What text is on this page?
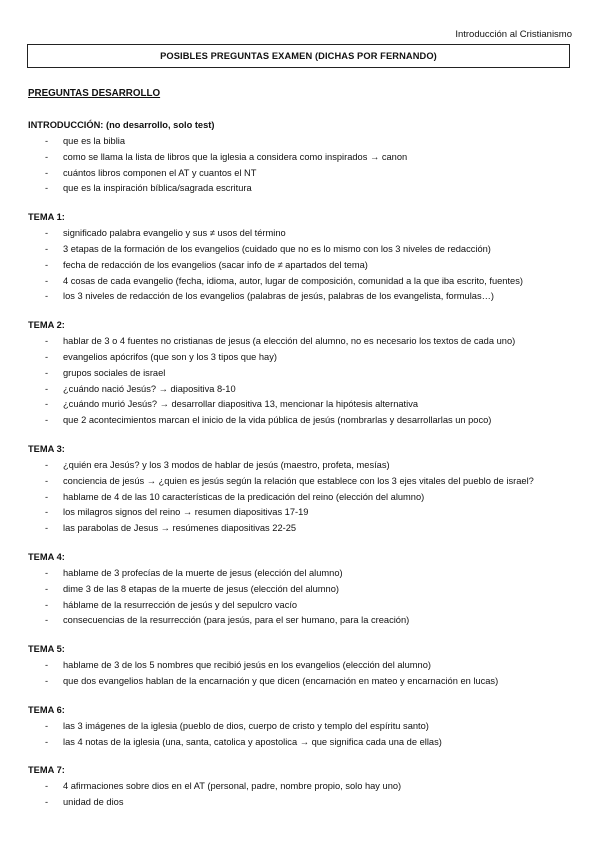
Introducción al Cristianismo
POSIBLES PREGUNTAS EXAMEN (DICHAS POR FERNANDO)
PREGUNTAS DESARROLLO
INTRODUCCIÓN: (no desarrollo, solo test)
- que es la biblia
- como se llama la lista de libros que la iglesia a considera como inspirados → canon
- cuántos libros componen el AT y cuantos el NT
- que es la inspiración bíblica/sagrada escritura
TEMA 1:
- significado palabra evangelio y sus ≠ usos del término
- 3 etapas de la formación de los evangelios (cuidado que no es lo mismo con los 3 niveles de redacción)
- fecha de redacción de los evangelios (sacar info de ≠ apartados del tema)
- 4 cosas de cada evangelio (fecha, idioma, autor, lugar de composición, comunidad a la que iba escrito, fuentes)
- los 3 niveles de redacción de los evangelios (palabras de jesús, palabras de los evangelista, formulas…)
TEMA 2:
- hablar de 3 o 4 fuentes no cristianas de jesus (a elección del alumno, no es necesario los textos de cada uno)
- evangelios apócrifos (que son y los 3 tipos que hay)
- grupos sociales de israel
- ¿cuándo nació Jesús? → diapositiva 8-10
- ¿cuándo murió Jesús? → desarrollar diapositiva 13, mencionar la hipótesis alternativa
- que 2 acontecimientos marcan el inicio de la vida pública de jesús (nombrarlas y desarrollarlas un poco)
TEMA 3:
- ¿quién era Jesús? y los 3 modos de hablar de jesús (maestro, profeta, mesías)
- conciencia de jesús → ¿quien es jesús según la relación que establece con los 3 ejes vitales del pueblo de israel?
- hablame de 4 de las 10 características de la predicación del reino (elección del alumno)
- los milagros signos del reino → resumen diapositivas 17-19
- las parabolas de Jesus → resúmenes diapositivas 22-25
TEMA 4:
- hablame de 3 profecías de la muerte de jesus (elección del alumno)
- dime 3 de las 8 etapas de la muerte de jesus (elección del alumno)
- háblame de la resurrección de jesús y del sepulcro vacío
- consecuencias de la resurrección (para jesús, para el ser humano, para la creación)
TEMA 5:
- hablame de 3 de los 5 nombres que recibió jesús en los evangelios (elección del alumno)
- que dos evangelios hablan de la encarnación y que dicen (encarnación en mateo y encarnación en lucas)
TEMA 6:
- las 3 imágenes de la iglesia (pueblo de dios, cuerpo de cristo y templo del espíritu santo)
- las 4 notas de la iglesia (una, santa, catolica y apostolica → que significa cada una de ellas)
TEMA 7:
- 4 afirmaciones sobre dios en el AT (personal, padre, nombre propio, solo hay uno)
- unidad de dios
